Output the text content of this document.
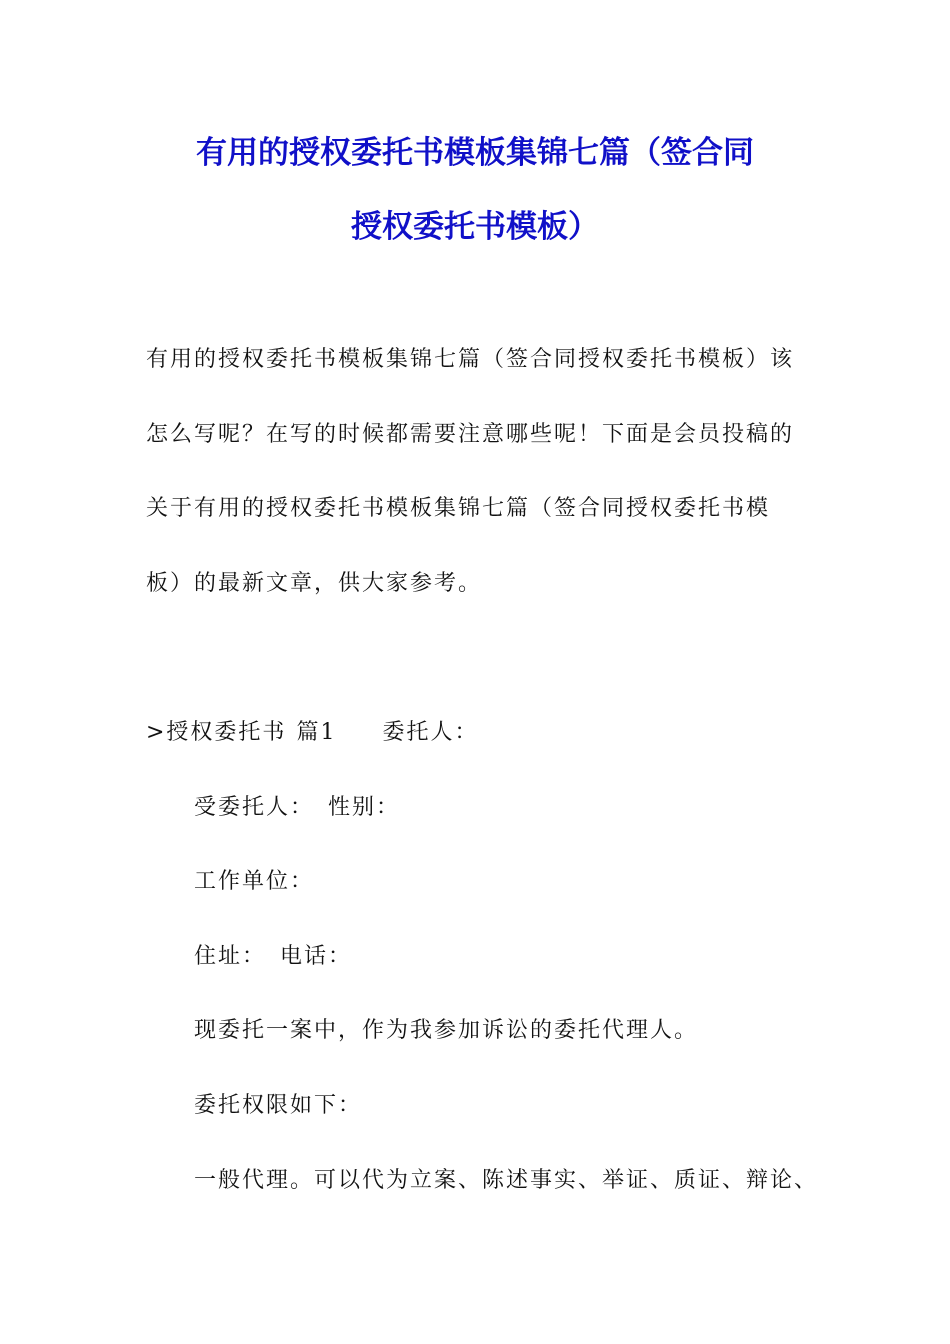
有用的授权委托书模板集锦七篇（签合同
授权委托书模板）
有用的授权委托书模板集锦七篇（签合同授权委托书模板）该
怎么写呢？在写的时候都需要注意哪些呢！下面是会员投稿的
关于有用的授权委托书模板集锦七篇（签合同授权委托书模
板）的最新文章，供大家参考。
>授权委托书 篇1 委托人：
受委托人： 性别：
工作单位：
住址： 电话：
现委托一案中，作为我参加诉讼的委托代理人。
委托权限如下：
一般代理。可以代为立案、陈述事实、举证、质证、辩论、
